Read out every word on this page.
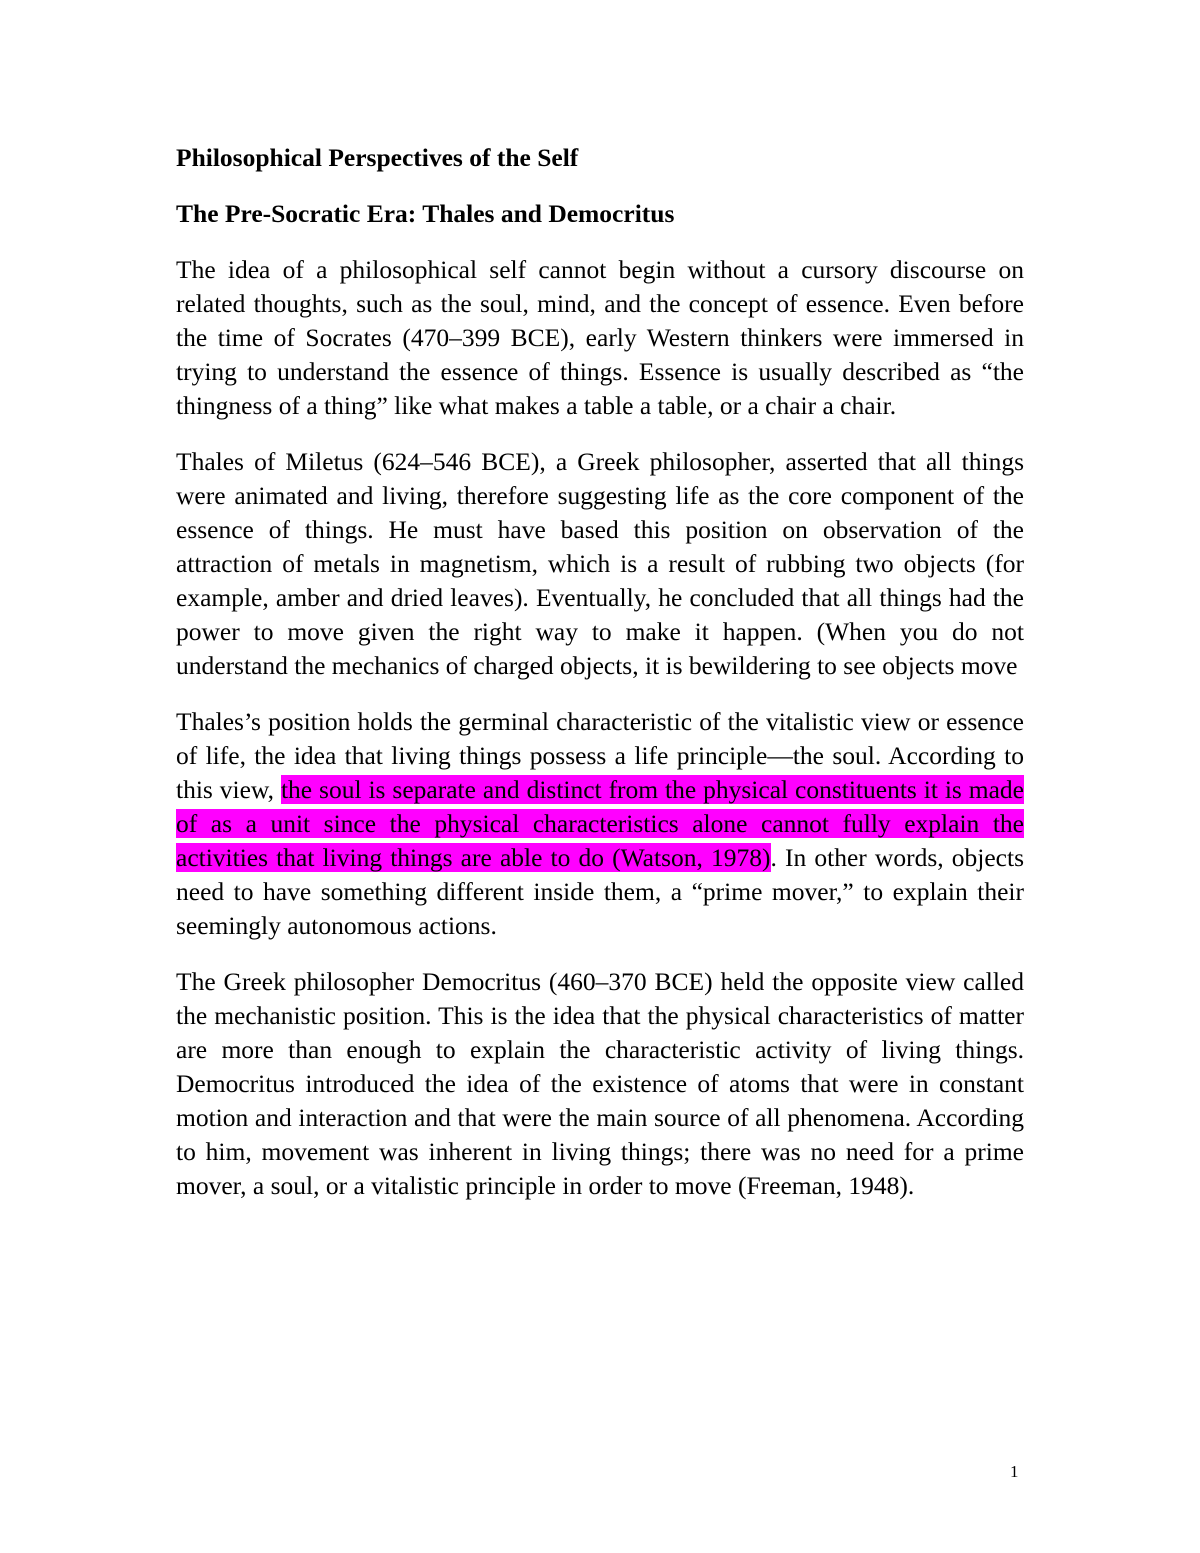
Philosophical Perspectives of the Self
The Pre-Socratic Era: Thales and Democritus

The idea of a philosophical self cannot begin without a cursory discourse on related thoughts, such as the soul, mind, and the concept of essence. Even before the time of Socrates (470–399 BCE), early Western thinkers were immersed in trying to understand the essence of things. Essence is usually described as “the thingness of a thing” like what makes a table a table, or a chair a chair.

Thales of Miletus (624–546 BCE), a Greek philosopher, asserted that all things were animated and living, therefore suggesting life as the core component of the essence of things. He must have based this position on observation of the attraction of metals in magnetism, which is a result of rubbing two objects (for example, amber and dried leaves). Eventually, he concluded that all things had the power to move given the right way to make it happen. (When you do not understand the mechanics of charged objects, it is bewildering to see objects move

Thales’s position holds the germinal characteristic of the vitalistic view or essence of life, the idea that living things possess a life principle—the soul. According to this view, the soul is separate and distinct from the physical constituents it is made of as a unit since the physical characteristics alone cannot fully explain the activities that living things are able to do (Watson, 1978). In other words, objects need to have something different inside them, a “prime mover,” to explain their seemingly autonomous actions.

The Greek philosopher Democritus (460–370 BCE) held the opposite view called the mechanistic position. This is the idea that the physical characteristics of matter are more than enough to explain the characteristic activity of living things. Democritus introduced the idea of the existence of atoms that were in constant motion and interaction and that were the main source of all phenomena. According to him, movement was inherent in living things; there was no need for a prime mover, a soul, or a vitalistic principle in order to move (Freeman, 1948).

1
